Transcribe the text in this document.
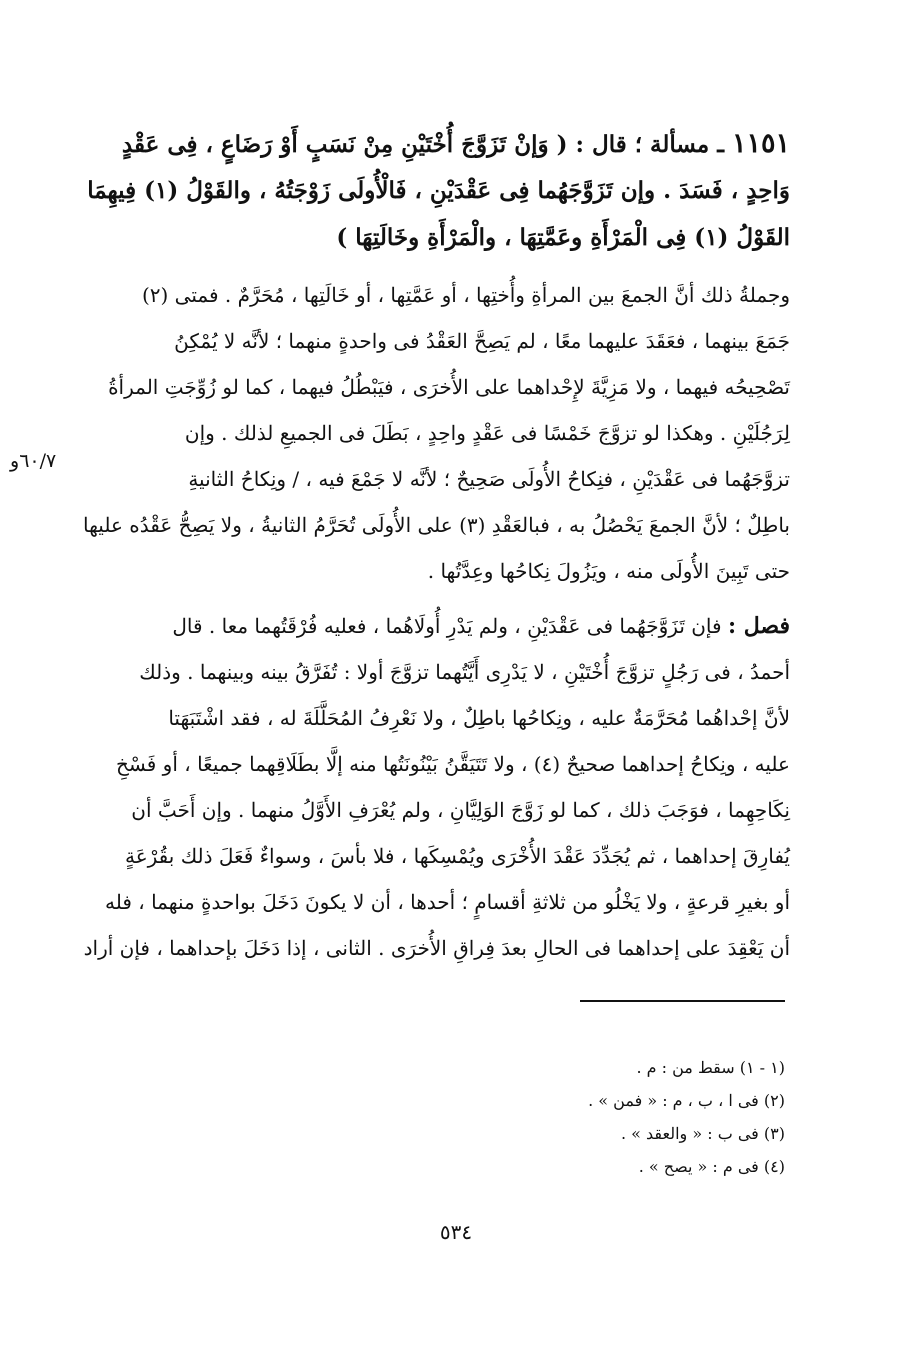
١١٥١ ـ مسألة ؛ قال : ( وَإنْ تَزَوَّجَ أُخْتَيْنِ مِنْ نَسَبٍ أَوْ رَضَاعٍ ، فِى عَقْدٍ
وَاحِدٍ ، فَسَدَ . وإن تَزَوَّجَهُما فِى عَقْدَيْنِ ، فَالْأُولَى زَوْجَتُهُ ، والقَوْلُ (١) فِيهِمَا
القَوْلُ (١) فِى الْمَرْأَةِ وعَمَّتِهَا ، والْمَرْأَةِ وخَالَتِهَا )
وجملةُ ذلك أنَّ الجمعَ بين المرأةِ وأُختِها ، أو عَمَّتِها ، أو خَالَتِها ، مُحَرَّمٌ . فمتى (٢)
جَمَعَ بينهما ، فعَقَدَ عليهما معًا ، لم يَصِحَّ العَقْدُ فى واحدةٍ منهما ؛ لأنَّه لا يُمْكِنُ
تَصْحِيحُه فيهما ، ولا مَزِيَّةَ لإِحْداهما على الأُخرَى ، فيَبْطُلُ فيهما ، كما لو زُوِّجَتِ المرأةُ
لِرَجُلَيْنِ . وهكذا لو تزوَّجَ خَمْسًا فى عَقْدٍ واحِدٍ ، بَطَلَ فى الجميعِ لذلك . وإن
تزوَّجَهُما فى عَقْدَيْنِ ، فنِكاحُ الأُولَى صَحِيحٌ ؛ لأنَّه لا جَمْعَ فيه ، / ونِكاحُ الثانيةِ
باطِلٌ ؛ لأنَّ الجمعَ يَحْصُلُ به ، فبالعَقْدِ (٣) على الأُولَى تُحَرَّمُ الثانيةُ ، ولا يَصِحُّ عَقْدُه عليها
حتى تَبِينَ الأُولَى منه ، ويَزُولَ نِكاحُها وعِدَّتُها .
٦٠/٧و
فصل : فإن تَزَوَّجَهُما فى عَقْدَيْنِ ، ولم يَدْرِ أُولَاهُما ، فعليه فُرْقَتُهما معا . قال
أحمدُ ، فى رَجُلٍ تزوَّجَ أُخْتَيْنِ ، لا يَدْرِى أَيَّتُهما تزوَّجَ أولا : تُفَرَّقُ بينه وبينهما . وذلك
لأنَّ إحْداهُما مُحَرَّمَةٌ عليه ، ونِكاحُها باطِلٌ ، ولا نَعْرِفُ المُحَلَّلَةَ له ، فقد اشْتَبَهَتا
عليه ، ونِكاحُ إحداهما صحيحٌ (٤) ، ولا تَتَيَقَّنُ بَيْنُونَتُها منه إلَّا بطَلَاقِهما جميعًا ، أو فَسْخِ
نِكَاحِهِما ، فوَجَبَ ذلك ، كما لو زَوَّجَ الوَلِيَّانِ ، ولم يُعْرَفِ الأَوَّلُ منهما . وإن أَحَبَّ أن
يُفارِقَ إحداهما ، ثم يُجَدِّدَ عَقْدَ الأُخْرَى ويُمْسِكَها ، فلا بأسَ ، وسواءٌ فَعَلَ ذلك بقُرْعَةٍ
أو بغيرِ قرعةٍ ، ولا يَخْلُو من ثلاثةِ أقسامٍ ؛ أحدها ، أن لا يكونَ دَخَلَ بواحدةٍ منهما ، فله
أن يَعْقِدَ على إحداهما فى الحالِ بعدَ فِراقِ الأُخرَى . الثانى ، إذا دَخَلَ بإحداهما ، فإن أراد
(١ - ١) سقط من : م .
(٢) فى ا ، ب ، م : « فمن » .
(٣) فى ب : « والعقد » .
(٤) فى م : « يصح » .
٥٣٤
